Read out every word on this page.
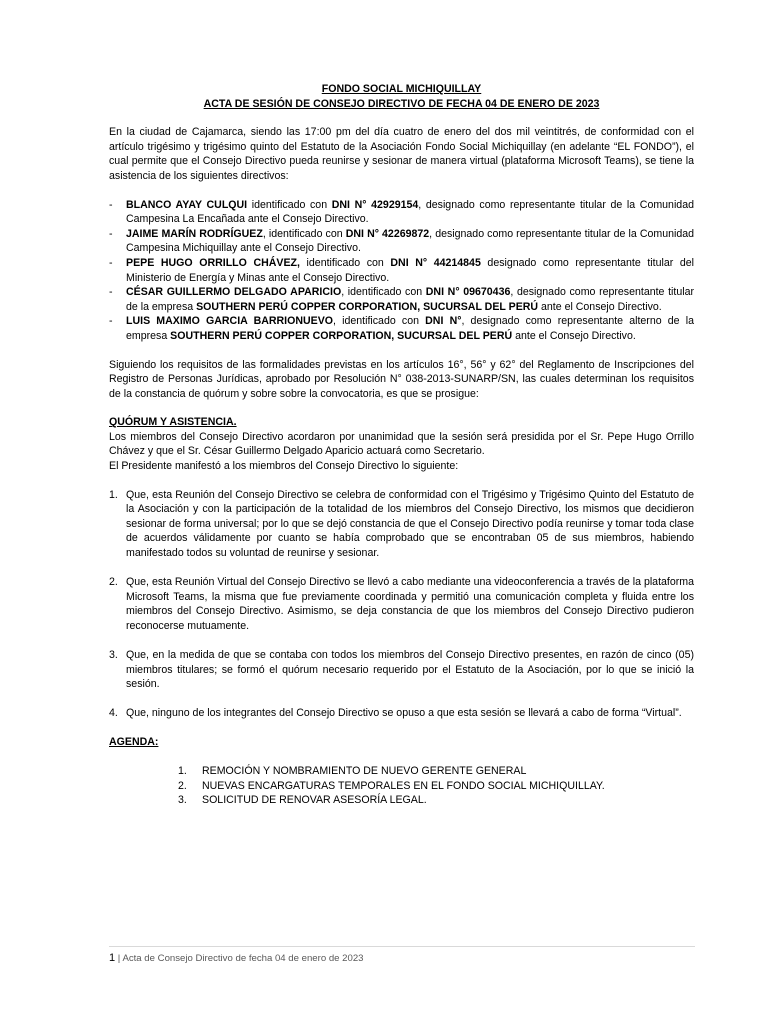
FONDO SOCIAL MICHIQUILLAY

ACTA DE SESIÓN DE CONSEJO DIRECTIVO DE FECHA 04 DE ENERO DE 2023

En la ciudad de Cajamarca, siendo las 17:00 pm del día cuatro de enero del dos mil veintitrés, de conformidad con el artículo trigésimo y trigésimo quinto del Estatuto de la Asociación Fondo Social Michiquillay (en adelante “EL FONDO”), el cual permite que el Consejo Directivo pueda reunirse y sesionar de manera virtual (plataforma Microsoft Teams), se tiene la asistencia de los siguientes directivos:

- BLANCO AYAY CULQUI identificado con DNI N° 42929154, designado como representante titular de la Comunidad Campesina La Encañada ante el Consejo Directivo.
- JAIME MARÍN RODRÍGUEZ, identificado con DNI N° 42269872, designado como representante titular de la Comunidad Campesina Michiquillay ante el Consejo Directivo.
- PEPE HUGO ORRILLO CHÁVEZ, identificado con DNI N° 44214845 designado como representante titular del Ministerio de Energía y Minas ante el Consejo Directivo.
- CÉSAR GUILLERMO DELGADO APARICIO, identificado con DNI N° 09670436, designado como representante titular de la empresa SOUTHERN PERÚ COPPER CORPORATION, SUCURSAL DEL PERÚ ante el Consejo Directivo.
- LUIS MAXIMO GARCIA BARRIONUEVO, identificado con DNI N°, designado como representante alterno de la empresa SOUTHERN PERÚ COPPER CORPORATION, SUCURSAL DEL PERÚ ante el Consejo Directivo.

Siguiendo los requisitos de las formalidades previstas en los artículos 16°, 56° y 62° del Reglamento de Inscripciones del Registro de Personas Jurídicas, aprobado por Resolución N° 038-2013-SUNARP/SN, las cuales determinan los requisitos de la constancia de quórum y sobre sobre la convocatoria, es que se prosigue:

QUÓRUM Y ASISTENCIA.

Los miembros del Consejo Directivo acordaron por unanimidad que la sesión será presidida por el Sr. Pepe Hugo Orrillo Chávez y que el Sr. César Guillermo Delgado Aparicio actuará como Secretario.

El Presidente manifestó a los miembros del Consejo Directivo lo siguiente:

1. Que, esta Reunión del Consejo Directivo se celebra de conformidad con el Trigésimo y Trigésimo Quinto del Estatuto de la Asociación y con la participación de la totalidad de los miembros del Consejo Directivo, los mismos que decidieron sesionar de forma universal; por lo que se dejó constancia de que el Consejo Directivo podía reunirse y tomar toda clase de acuerdos válidamente por cuanto se había comprobado que se encontraban 05 de sus miembros, habiendo manifestado todos su voluntad de reunirse y sesionar.
2. Que, esta Reunión Virtual del Consejo Directivo se llevó a cabo mediante una videoconferencia a través de la plataforma Microsoft Teams, la misma que fue previamente coordinada y permitió una comunicación completa y fluida entre los miembros del Consejo Directivo. Asimismo, se deja constancia de que los miembros del Consejo Directivo pudieron reconocerse mutuamente.
3. Que, en la medida de que se contaba con todos los miembros del Consejo Directivo presentes, en razón de cinco (05) miembros titulares; se formó el quórum necesario requerido por el Estatuto de la Asociación, por lo que se inició la sesión.
4. Que, ninguno de los integrantes del Consejo Directivo se opuso a que esta sesión se llevará a cabo de forma “Virtual”.

AGENDA:

1. REMOCIÓN Y NOMBRAMIENTO DE NUEVO GERENTE GENERAL
2. NUEVAS ENCARGATURAS TEMPORALES EN EL FONDO SOCIAL MICHIQUILLAY.
3. SOLICITUD DE RENOVAR ASESORÍA LEGAL.
1 | Acta de Consejo Directivo de fecha 04 de enero de 2023
